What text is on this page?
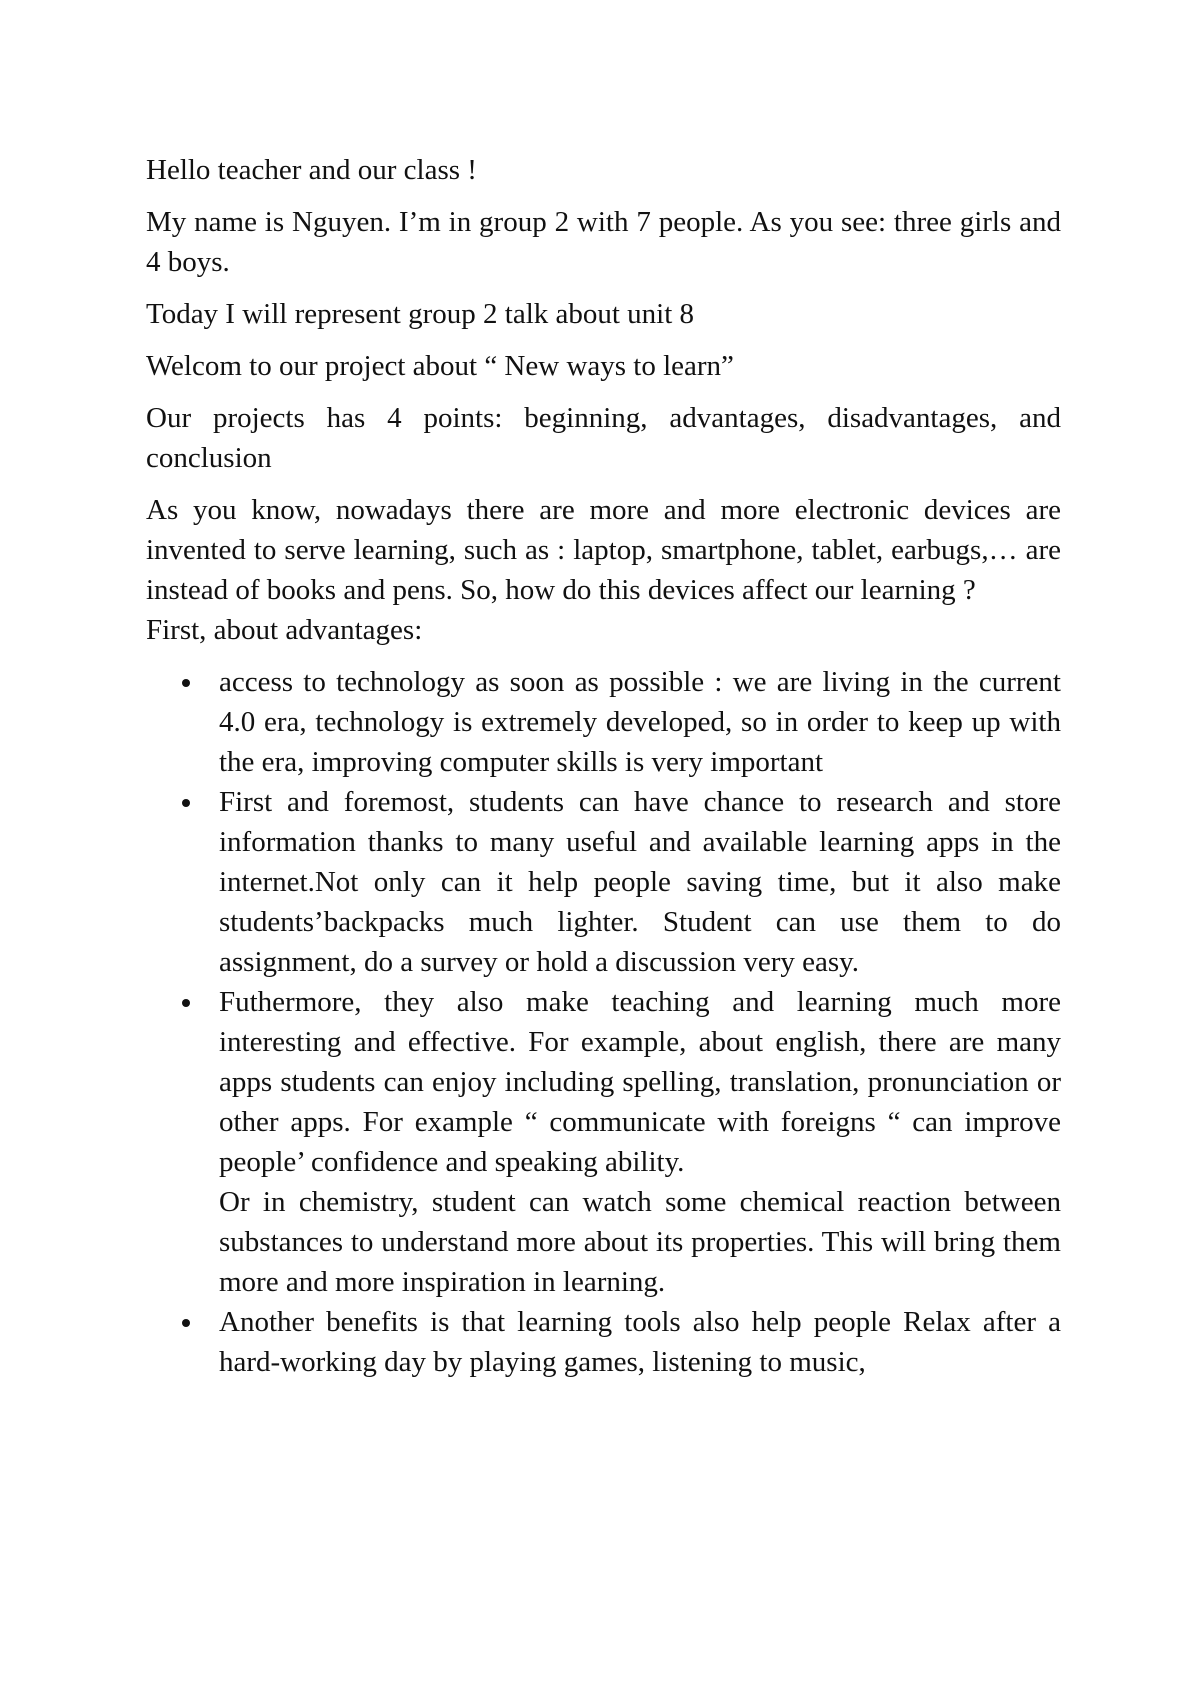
Hello teacher and our class !

My name is Nguyen. I’m in group 2 with 7 people. As you see: three girls and 4 boys.

Today I will represent group 2 talk about unit 8

Welcom to our project about “ New ways to learn”

Our projects has 4 points: beginning, advantages, disadvantages, and conclusion

As you know, nowadays there are more and more electronic devices are invented to serve learning, such as : laptop, smartphone, tablet, earbugs,… are instead of books and pens. So, how do this devices affect our learning ?

First, about advantages:

access to technology as soon as possible : we are living in the current 4.0 era, technology is extremely developed, so in order to keep up with the era, improving computer skills is very important
First and foremost, students can have chance to research and store information thanks to many useful and available learning apps in the internet.Not only can it help people saving time, but it also make students’backpacks much lighter. Student can use them to do assignment, do a survey or hold a discussion very easy.
Futhermore, they also make teaching and learning much more interesting and effective. For example, about english, there are many apps students can enjoy including spelling, translation, pronunciation or other apps. For example “ communicate with foreigns “ can improve people’ confidence and speaking ability.
Or in chemistry, student can watch some chemical reaction between substances to understand more about its properties. This will bring them more and more inspiration in learning.
Another benefits is that learning tools also help people Relax after a hard-working day by playing games, listening to music,
